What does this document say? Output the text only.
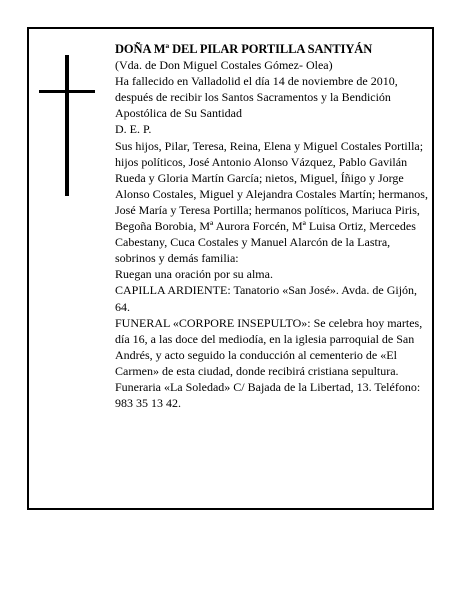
DOÑA Mª DEL PILAR PORTILLA SANTIYÁN

(Vda. de Don Miguel Costales Gómez- Olea)

Ha fallecido en Valladolid el día 14 de noviembre de 2010, después de recibir los Santos Sacramentos y la Bendición Apostólica de Su Santidad

D. E. P.

Sus hijos, Pilar, Teresa, Reina, Elena y Miguel Costales Portilla; hijos políticos, José Antonio Alonso Vázquez, Pablo Gavilán Rueda y Gloria Martín García; nietos, Miguel, Íñigo y Jorge Alonso Costales, Miguel y Alejandra Costales Martín; hermanos, José María y Teresa Portilla; hermanos políticos, Mariuca Piris, Begoña Borobia, Mª Aurora Forcén, Mª Luisa Ortiz, Mercedes Cabestany, Cuca Costales y Manuel Alarcón de la Lastra, sobrinos y demás familia:

Ruegan una oración por su alma.

CAPILLA ARDIENTE: Tanatorio «San José». Avda. de Gijón, 64.

FUNERAL «CORPORE INSEPULTO»: Se celebra hoy martes, día 16, a las doce del mediodía, en la iglesia parroquial de San Andrés, y acto seguido la conducción al cementerio de «El Carmen» de esta ciudad, donde recibirá cristiana sepultura.

Funeraria «La Soledad» C/ Bajada de la Libertad, 13. Teléfono: 983 35 13 42.
